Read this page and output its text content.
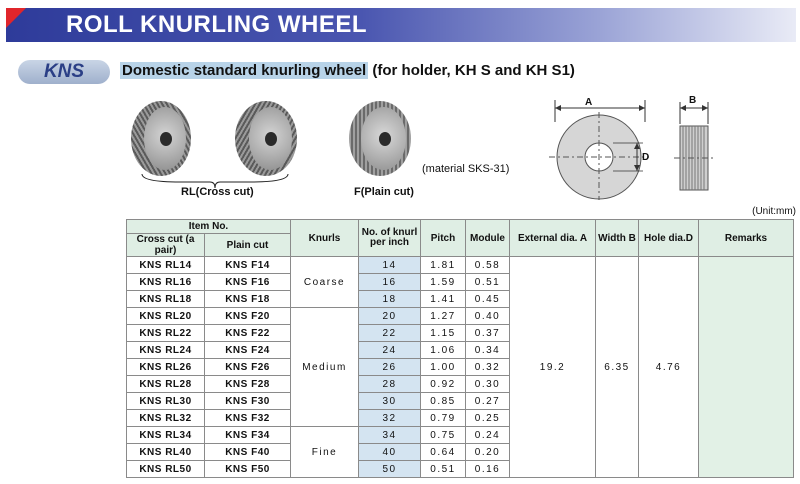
ROLL KNURLING WHEEL
KNS	Domestic standard knurling wheel (for holder, KH S and KH S1)
RL(Cross cut)	F(Plain cut)
(material SKS-31)
A
D
B
(Unit:mm)
Item No.		Knurls	No. of knurl per inch	Pitch	Module	External dia. A	Width B	Hole dia.D	Remarks
Cross cut (a pair)	Plain cut								
KNS RL14	KNS F14	Coarse	14	1.81	0.58	19.2	6.35	4.76	
KNS RL16	KNS F16		16	1.59	0.51				
KNS RL18	KNS F18		18	1.41	0.45				
KNS RL20	KNS F20	Medium	20	1.27	0.40				
KNS RL22	KNS F22		22	1.15	0.37				
KNS RL24	KNS F24		24	1.06	0.34				
KNS RL26	KNS F26		26	1.00	0.32				
KNS RL28	KNS F28		28	0.92	0.30				
KNS RL30	KNS F30		30	0.85	0.27				
KNS RL32	KNS F32		32	0.79	0.25				
KNS RL34	KNS F34	Fine	34	0.75	0.24				
KNS RL40	KNS F40		40	0.64	0.20				
KNS RL50	KNS F50		50	0.51	0.16				
